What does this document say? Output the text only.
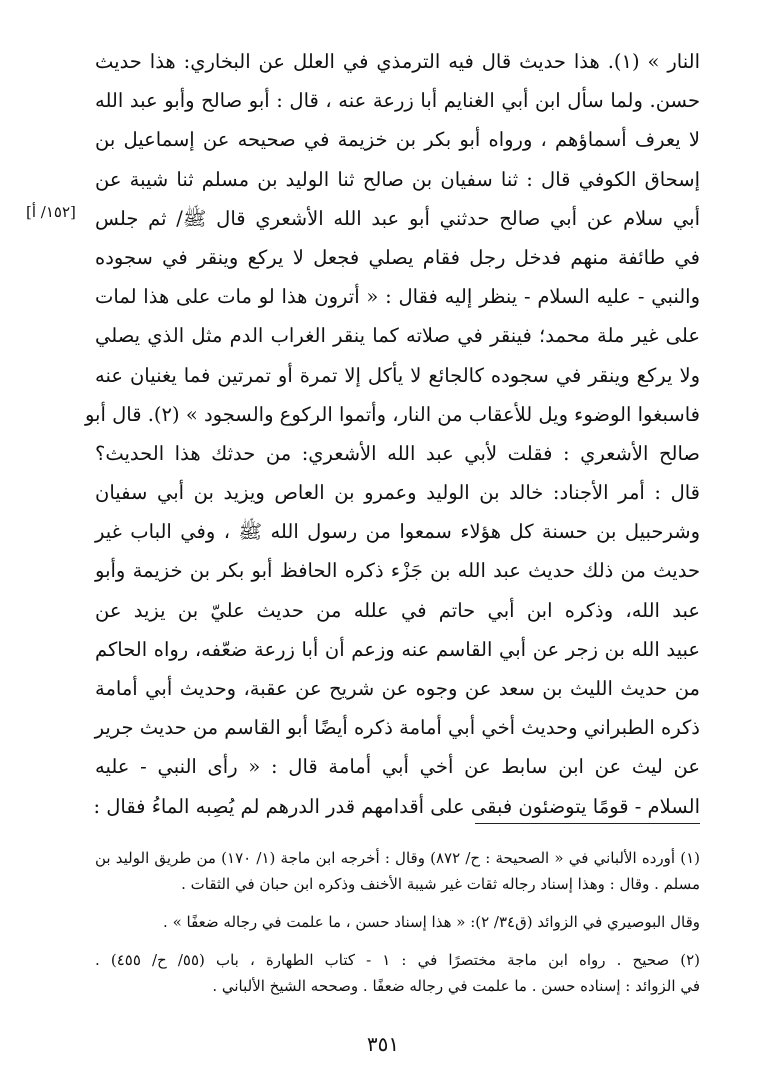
النار » (١). هذا حديث قال فيه الترمذي في العلل عن البخاري: هذا حديث
حسن. ولما سأل ابن أبي الغنايم أبا زرعة عنه ، قال : أبو صالح وأبو عبد الله
لا يعرف أسماؤهم ، ورواه أبو بكر بن خزيمة في صحيحه عن إسماعيل بن
إسحاق الكوفي قال : ثنا سفيان بن صالح ثنا الوليد بن مسلم ثنا شيبة عن
أبي سلام عن أبي صالح حدثني أبو عبد الله الأشعري قال ﷺ/ ثم جلس
في طائفة منهم فدخل رجل فقام يصلي فجعل لا يركع وينقر في سجوده
والنبي - عليه السلام - ينظر إليه فقال : « أترون هذا لو مات على هذا لمات
على غير ملة محمد؛ فينقر في صلاته كما ينقر الغراب الدم مثل الذي يصلي
ولا يركع وينقر في سجوده كالجائع لا يأكل إلا تمرة أو تمرتين فما يغنيان عنه
فاسبغوا الوضوء ويل للأعقاب من النار، وأتموا الركوع والسجود » (٢). قال أبو
صالح الأشعري : فقلت لأبي عبد الله الأشعري: من حدثك هذا الحديث؟
قال : أمر الأجناد: خالد بن الوليد وعمرو بن العاص ويزيد بن أبي سفيان
وشرحبيل بن حسنة كل هؤلاء سمعوا من رسول الله ﷺ ، وفي الباب غير
حديث من ذلك حديث عبد الله بن جَزْء ذكره الحافظ أبو بكر بن خزيمة وأبو
عبد الله، وذكره ابن أبي حاتم في علله من حديث عليّ بن يزيد عن
عبيد الله بن زجر عن أبي القاسم عنه وزعم أن أبا زرعة ضعّفه، رواه الحاكم
من حديث الليث بن سعد عن وجوه عن شريح عن عقبة، وحديث أبي أمامة
ذكره الطبراني وحديث أخي أبي أمامة ذكره أيضًا أبو القاسم من حديث جرير
عن ليث عن ابن سابط عن أخي أبي أمامة قال : « رأى النبي - عليه
السلام - قومًا يتوضئون فبقى على أقدامهم قدر الدرهم لم يُصِبه الماءُ فقال :
[١٥٢/ أ]
(١) أورده الألباني في « الصحيحة : ح/ ٨٧٢) وقال : أخرجه ابن ماجة (١/ ١٧٠) من طريق الوليد بن
مسلم . وقال : وهذا إسناد رجاله ثقات غير شيبة الأخنف وذكره ابن حبان في الثقات .
وقال البوصيري في الزوائد (ق٣٤/ ٢): « هذا إسناد حسن ، ما علمت في رجاله ضعفًا » .
(٢) صحيح . رواه ابن ماجة مختصرًا في : ١ - كتاب الطهارة ، باب (٥٥/ ح/ ٤٥٥) .
في الزوائد : إسناده حسن . ما علمت في رجاله ضعفًا . وصححه الشيخ الألباني .
٣٥١
